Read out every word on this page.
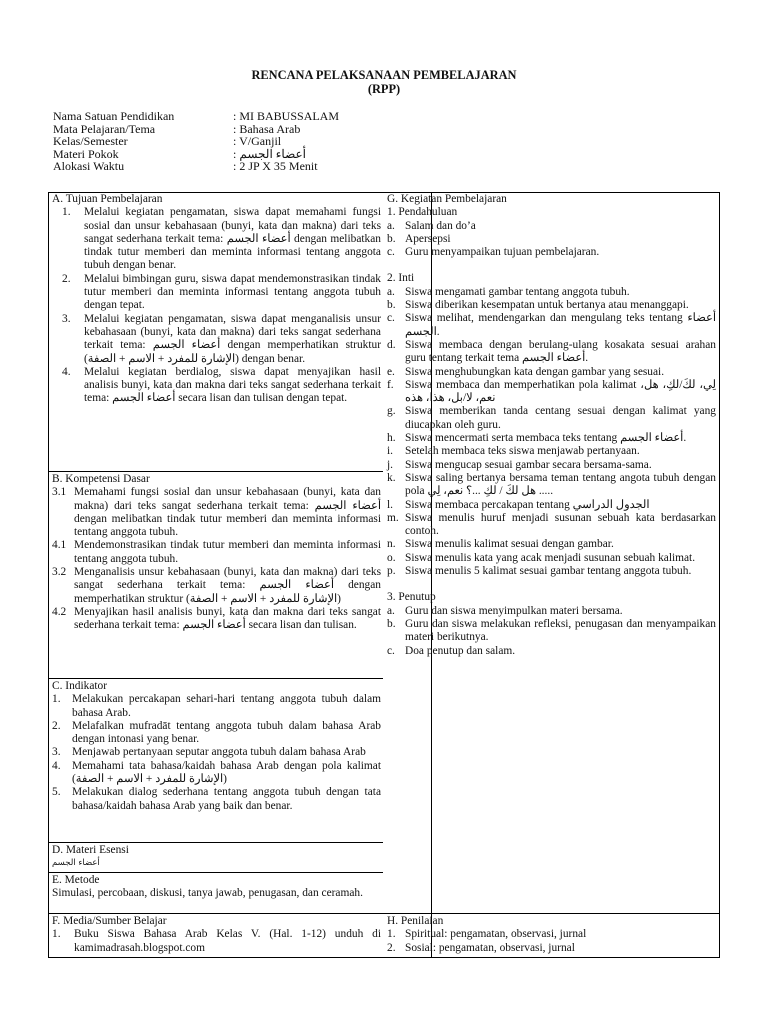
RENCANA PELAKSANAAN PEMBELAJARAN
(RPP)
Nama Satuan Pendidikan	: MI BABUSSALAM
Mata Pelajaran/Tema	: Bahasa Arab
Kelas/Semester	: V/Ganjil
Materi Pokok	: أعضاء الجسم
Alokasi Waktu	: 2 JP X 35 Menit
A. Tujuan Pembelajaran
1.	Melalui kegiatan pengamatan, siswa dapat memahami fungsi sosial dan unsur kebahasaan (bunyi, kata dan makna) dari teks sangat sederhana terkait tema: أعضاء الجسم dengan melibatkan tindak tutur memberi dan meminta informasi tentang anggota tubuh dengan benar.
2.	Melalui bimbingan guru, siswa dapat mendemonstrasikan tindak tutur memberi dan meminta informasi tentang anggota tubuh dengan tepat.
3.	Melalui kegiatan pengamatan, siswa dapat menganalisis unsur kebahasaan (bunyi, kata dan makna) dari teks sangat sederhana terkait tema: أعضاء الجسم dengan memperhatikan struktur (الإشارة للمفرد + الاسم + الصفة) dengan benar.
4.	Melalui kegiatan berdialog, siswa dapat menyajikan hasil analisis bunyi, kata dan makna dari teks sangat sederhana terkait tema: أعضاء الجسم secara lisan dan tulisan dengan tepat.
B. Kompetensi Dasar
3.1 Memahami fungsi sosial dan unsur kebahasaan (bunyi, kata dan makna) dari teks sangat sederhana terkait tema: أعضاء الجسم dengan melibatkan tindak tutur memberi dan meminta informasi tentang anggota tubuh.
4.1 Mendemonstrasikan tindak tutur memberi dan meminta informasi tentang anggota tubuh.
3.2 Menganalisis unsur kebahasaan (bunyi, kata dan makna) dari teks sangat sederhana terkait tema: أعضاء الجسم dengan memperhatikan struktur (الإشارة للمفرد + الاسم + الصفة)
4.2 Menyajikan hasil analisis bunyi, kata dan makna dari teks sangat sederhana terkait tema: أعضاء الجسم secara lisan dan tulisan.
C. Indikator
1.	Melakukan percakapan sehari-hari tentang anggota tubuh dalam bahasa Arab.
2.	Melafalkan mufradāt tentang anggota tubuh dalam bahasa Arab dengan intonasi yang benar.
3.	Menjawab pertanyaan seputar anggota tubuh dalam bahasa Arab
4.	Memahami tata bahasa/kaidah bahasa Arab dengan pola kalimat (الإشارة للمفرد + الاسم + الصفة)
5.	Melakukan dialog sederhana tentang anggota tubuh dengan tata bahasa/kaidah bahasa Arab yang baik dan benar.
D. Materi Esensi
أعضاء الجسم
E. Metode
Simulasi, percobaan, diskusi, tanya jawab, penugasan, dan ceramah.
F. Media/Sumber Belajar
1.	Buku Siswa Bahasa Arab Kelas V. (Hal. 1-12) unduh di kamimadrasah.blogspot.com
G. Kegiatan Pembelajaran
1. Pendahuluan
a. Salam dan do’a
b. Apersepsi
c. Guru menyampaikan tujuan pembelajaran.
2. Inti
a. Siswa mengamati gambar tentang anggota tubuh.
b. Siswa diberikan kesempatan untuk bertanya atau menanggapi.
c. Siswa melihat, mendengarkan dan mengulang teks tentang أعضاء الجسم.
d. Siswa membaca dengan berulang-ulang kosakata sesuai arahan guru tentang terkait tema أعضاء الجسم.
e. Siswa menghubungkan kata dengan gambar yang sesuai.
f. Siswa membaca dan memperhatikan pola kalimat لِي، لكَ/لكِ، هل، نعم، لا/بل، هذا، هذه
g. Siswa memberikan tanda centang sesuai dengan kalimat yang diucapkan oleh guru.
h. Siswa mencermati serta membaca teks tentang أعضاء الجسم.
i.	Setelah membaca teks siswa menjawab pertanyaan.
j.	Siswa mengucap sesuai gambar secara bersama-sama.
k. Siswa saling bertanya bersama teman tentang angota tubuh dengan pola هل لكَ / لكِ ...؟ نعم، لِي .....
l.	Siswa membaca percakapan tentang الجدول الدراسي
m. Siswa menulis huruf menjadi susunan sebuah kata berdasarkan contoh.
n. Siswa menulis kalimat sesuai dengan gambar.
o. Siswa menulis kata yang acak menjadi susunan sebuah kalimat.
p. Siswa menulis 5 kalimat sesuai gambar tentang anggota tubuh.
3. Penutup
a. Guru dan siswa menyimpulkan materi bersama.
b. Guru dan siswa melakukan refleksi, penugasan dan menyampaikan materi berikutnya.
c. Doa penutup dan salam.
H. Penilaian
1. Spiritual: pengamatan, observasi, jurnal
2. Sosial: pengamatan, observasi, jurnal
